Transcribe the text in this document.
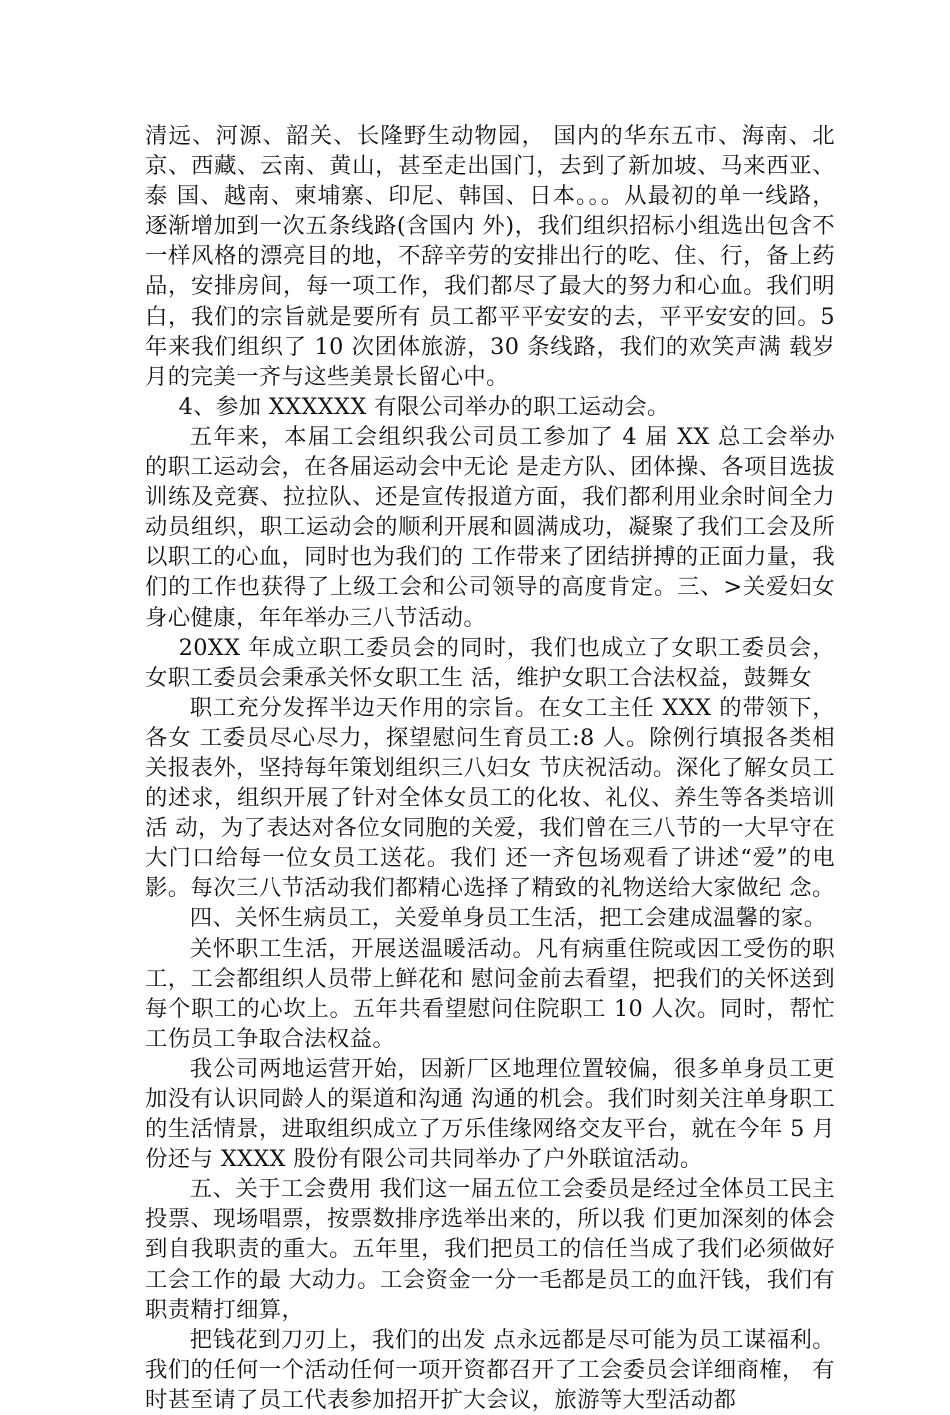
清远、河源、韶关、长隆野生动物园， 国内的华东五市、海南、北京、西藏、云南、黄山，甚至走出国门，去到了新加坡、马来西亚、泰 国、越南、柬埔寨、印尼、韩国、日本。。。从最初的单一线路，逐渐增加到一次五条线路(含国内 外)，我们组织招标小组选出包含不一样风格的漂亮目的地，不辞辛劳的安排出行的吃、住、行，备上药品，安排房间，每一项工作，我们都尽了最大的努力和心血。我们明白，我们的宗旨就是要所有 员工都平平安安的去，平平安安的回。5 年来我们组织了 10 次团体旅游，30 条线路，我们的欢笑声满 载岁月的完美一齐与这些美景长留心中。

4、参加 XXXXXX 有限公司举办的职工运动会。

五年来，本届工会组织我公司员工参加了 4 届 XX 总工会举办的职工运动会，在各届运动会中无论 是走方队、团体操、各项目选拔训练及竞赛、拉拉队、还是宣传报道方面，我们都利用业余时间全力 动员组织，职工运动会的顺利开展和圆满成功，凝聚了我们工会及所以职工的心血，同时也为我们的 工作带来了团结拼搏的正面力量，我们的工作也获得了上级工会和公司领导的高度肯定。三、>关爱妇女身心健康，年年举办三八节活动。

20XX 年成立职工委员会的同时，我们也成立了女职工委员会，女职工委员会秉承关怀女职工生 活，维护女职工合法权益，鼓舞女

职工充分发挥半边天作用的宗旨。在女工主任 XXX 的带领下，各女 工委员尽心尽力，探望慰问生育员工:8 人。除例行填报各类相关报表外，坚持每年策划组织三八妇女 节庆祝活动。深化了解女员工的述求，组织开展了针对全体女员工的化妆、礼仪、养生等各类培训活 动，为了表达对各位女同胞的关爱，我们曾在三八节的一大早守在大门口给每一位女员工送花。我们 还一齐包场观看了讲述“爱”的电影。每次三八节活动我们都精心选择了精致的礼物送给大家做纪 念。

四、关怀生病员工，关爱单身员工生活，把工会建成温馨的家。

关怀职工生活，开展送温暖活动。凡有病重住院或因工受伤的职工，工会都组织人员带上鲜花和 慰问金前去看望，把我们的关怀送到每个职工的心坎上。五年共看望慰问住院职工 10 人次。同时，帮忙工伤员工争取合法权益。

我公司两地运营开始，因新厂区地理位置较偏，很多单身员工更加没有认识同龄人的渠道和沟通 沟通的机会。我们时刻关注单身职工的生活情景，进取组织成立了万乐佳缘网络交友平台，就在今年 5 月份还与 XXXX 股份有限公司共同举办了户外联谊活动。

五、关于工会费用 我们这一届五位工会委员是经过全体员工民主投票、现场唱票，按票数排序选举出来的，所以我 们更加深刻的体会到自我职责的重大。五年里，我们把员工的信任当成了我们必须做好工会工作的最 大动力。工会资金一分一毛都是员工的血汗钱，我们有职责精打细算，

把钱花到刀刃上，我们的出发 点永远都是尽可能为员工谋福利。我们的任何一个活动任何一项开资都召开了工会委员会详细商榷， 有时甚至请了员工代表参加招开扩大会议，旅游等大型活动都
